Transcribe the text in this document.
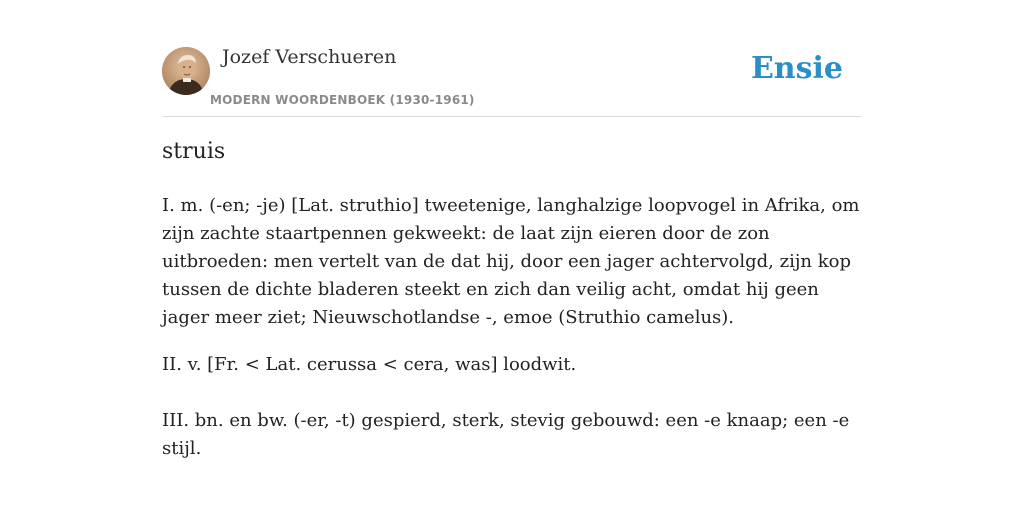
Jozef Verschueren
MODERN WOORDENBOEK (1930-1961)
Ensie
struis

I. m. (-en; -je) [Lat. struthio] tweetenige, langhalzige loopvogel in Afrika, om zijn zachte staartpennen gekweekt: de laat zijn eieren door de zon uitbroeden: men vertelt van de dat hij, door een jager achtervolgd, zijn kop tussen de dichte bladeren steekt en zich dan veilig acht, omdat hij geen jager meer ziet; Nieuwschotlandse -, emoe (Struthio camelus).

II. v. [Fr. < Lat. cerussa < cera, was] loodwit.

III. bn. en bw. (-er, -t) gespierd, sterk, stevig gebouwd: een -e knaap; een -e stijl.
